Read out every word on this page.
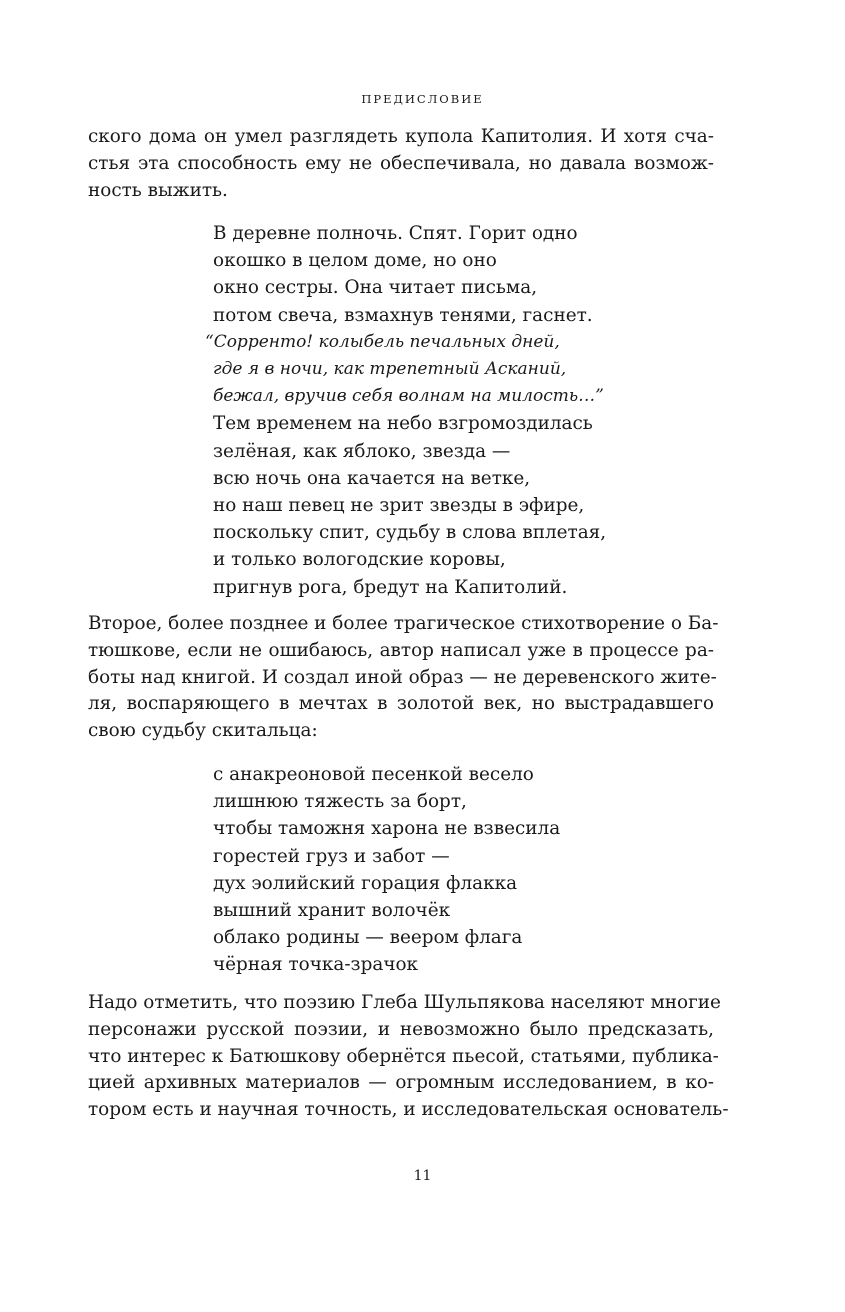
ПРЕДИСЛОВИЕ
ского дома он умел разглядеть купола Капитолия. И хотя сча-
стья эта способность ему не обеспечивала, но давала возмож-
ность выжить.
В деревне полночь. Спят. Горит одно
окошко в целом доме, но оно
окно сестры. Она читает письма,
потом свеча, взмахнув тенями, гаснет.
“Сорренто! колыбель печальных дней,
где я в ночи, как трепетный Асканий,
бежал, вручив себя волнам на милость…”
Тем временем на небо взгромоздилась
зелёная, как яблоко, звезда —
всю ночь она качается на ветке,
но наш певец не зрит звезды в эфире,
поскольку спит, судьбу в слова вплетая,
и только вологодские коровы,
пригнув рога, бредут на Капитолий.
Второе, более позднее и более трагическое стихотворение о Ба-
тюшкове, если не ошибаюсь, автор написал уже в процессе ра-
боты над книгой. И создал иной образ — не деревенского жите-
ля, воспаряющего в мечтах в золотой век, но выстрадавшего
свою судьбу скитальца:
с анакреоновой песенкой весело
лишнюю тяжесть за борт,
чтобы таможня харона не взвесила
горестей груз и забот —
дух эолийский горация флакка
вышний хранит волочёк
облако родины — веером флага
чёрная точка-зрачок
Надо отметить, что поэзию Глеба Шульпякова населяют многие
персонажи русской поэзии, и невозможно было предсказать,
что интерес к Батюшкову обернётся пьесой, статьями, публика-
цией архивных материалов — огромным исследованием, в ко-
тором есть и научная точность, и исследовательская основатель-
11
